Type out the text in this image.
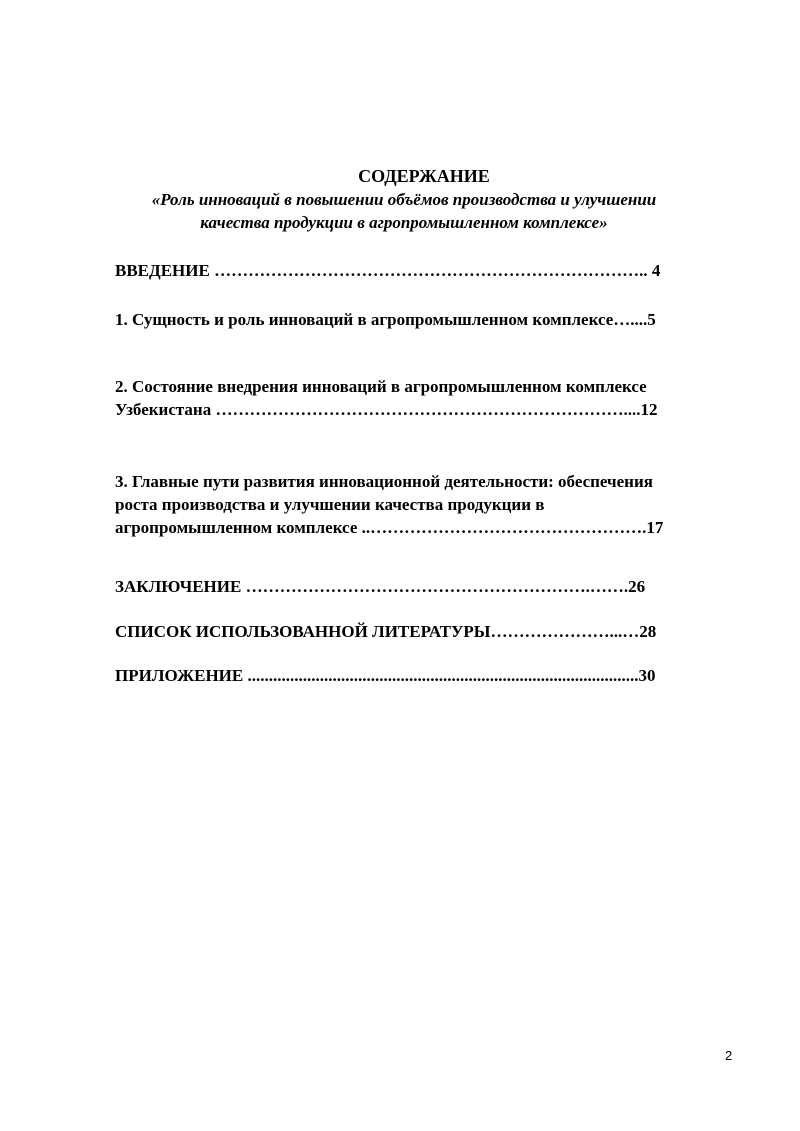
СОДЕРЖАНИЕ
«Роль инноваций в повышении объёмов производства и улучшении
качества продукции в агропромышленном комплексе»
ВВЕДЕНИЕ ………………………………………………………………….. 4
1. Сущность и роль инноваций в агропромышленном комплексе…....5
2. Состояние внедрения инноваций в агропромышленном комплексе
Узбекистана ………………………………………………………………....12
3. Главные пути развития инновационной деятельности: обеспечения
роста производства и улучшении качества продукции в
агропромышленном комплексе ..………………………………………….17
ЗАКЛЮЧЕНИЕ …………………………………………………….…….26
СПИСОК ИСПОЛЬЗОВАННОЙ ЛИТЕРАТУРЫ…………………...…28
ПРИЛОЖЕНИЕ ............................................................................................30
2
